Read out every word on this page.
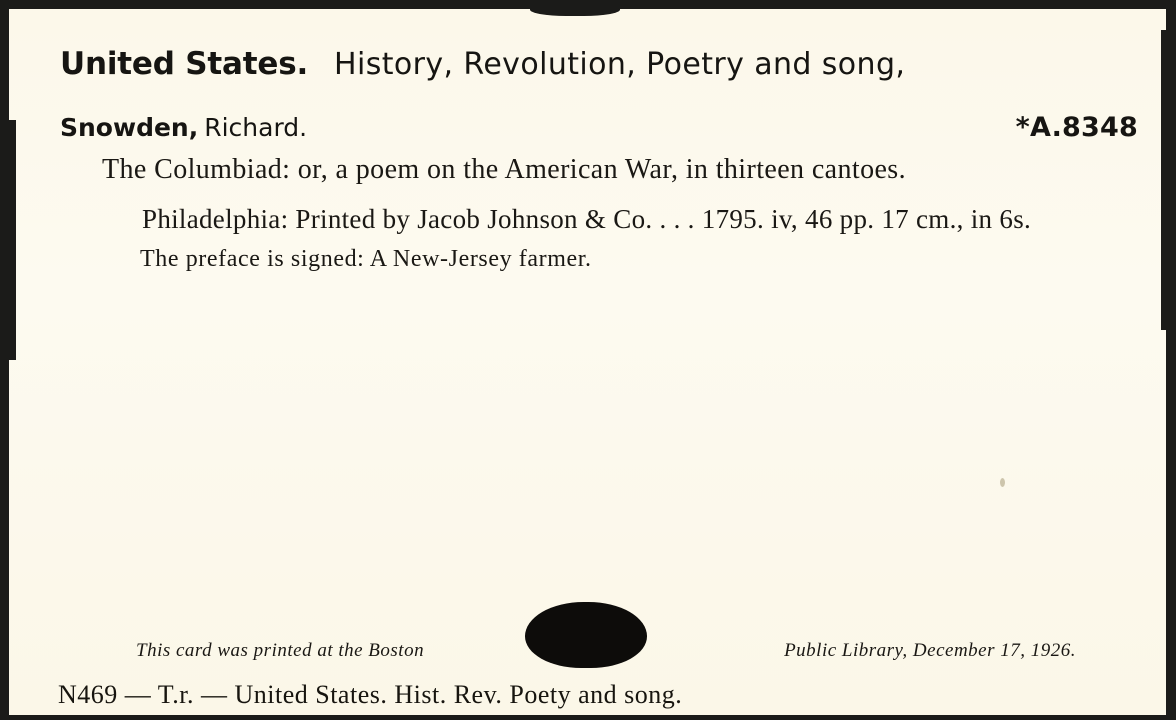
United States. History, Revolution, Poetry and song,
Snowden, Richard.	*A.8348

The Columbiad: or, a poem on the American War, in thirteen cantoes.

Philadelphia: Printed by Jacob Johnson & Co. . . . 1795. iv, 46 pp. 17 cm., in 6s.

The preface is signed: A New-Jersey farmer.

This card was printed at the Boston	Public Library, December 17, 1926.
N469 — T.r. — United States. Hist. Rev. Poety and song.
